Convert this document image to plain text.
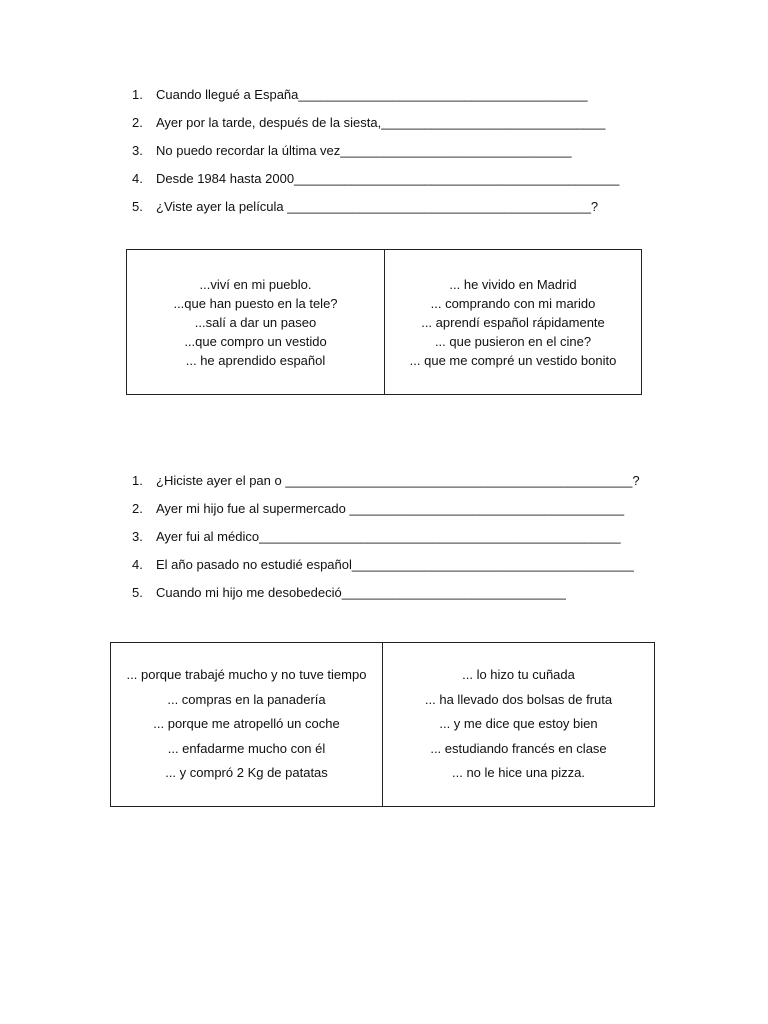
1.	Cuando llegué a España________________________________________
2.	Ayer por la tarde, después de la siesta,_______________________________
3.	No puedo recordar la última vez________________________________
4.	Desde 1984 hasta 2000_____________________________________________
5.	¿Viste ayer la película __________________________________________?
...viví en mi pueblo.
...que han puesto en la tele?
...salí a dar un paseo
...que compro un vestido
... he aprendido español
... he vivido en Madrid
... comprando con mi marido
... aprendí español rápidamente
... que pusieron en el cine?
... que me compré un vestido bonito
1.	¿Hiciste ayer el pan o ________________________________________________?
2.	Ayer mi hijo fue al supermercado ______________________________________
3.	Ayer fui al médico__________________________________________________
4.	El año pasado no estudié español_______________________________________
5.	Cuando mi hijo me desobedeció_______________________________
... porque trabajé mucho y no tuve tiempo
... compras en la panadería
... porque me atropelló un coche
... enfadarme mucho con él
... y compró 2 Kg de patatas
... lo hizo tu cuñada
... ha llevado dos bolsas de fruta
... y me dice que estoy bien
... estudiando francés en clase
... no le hice una pizza.
